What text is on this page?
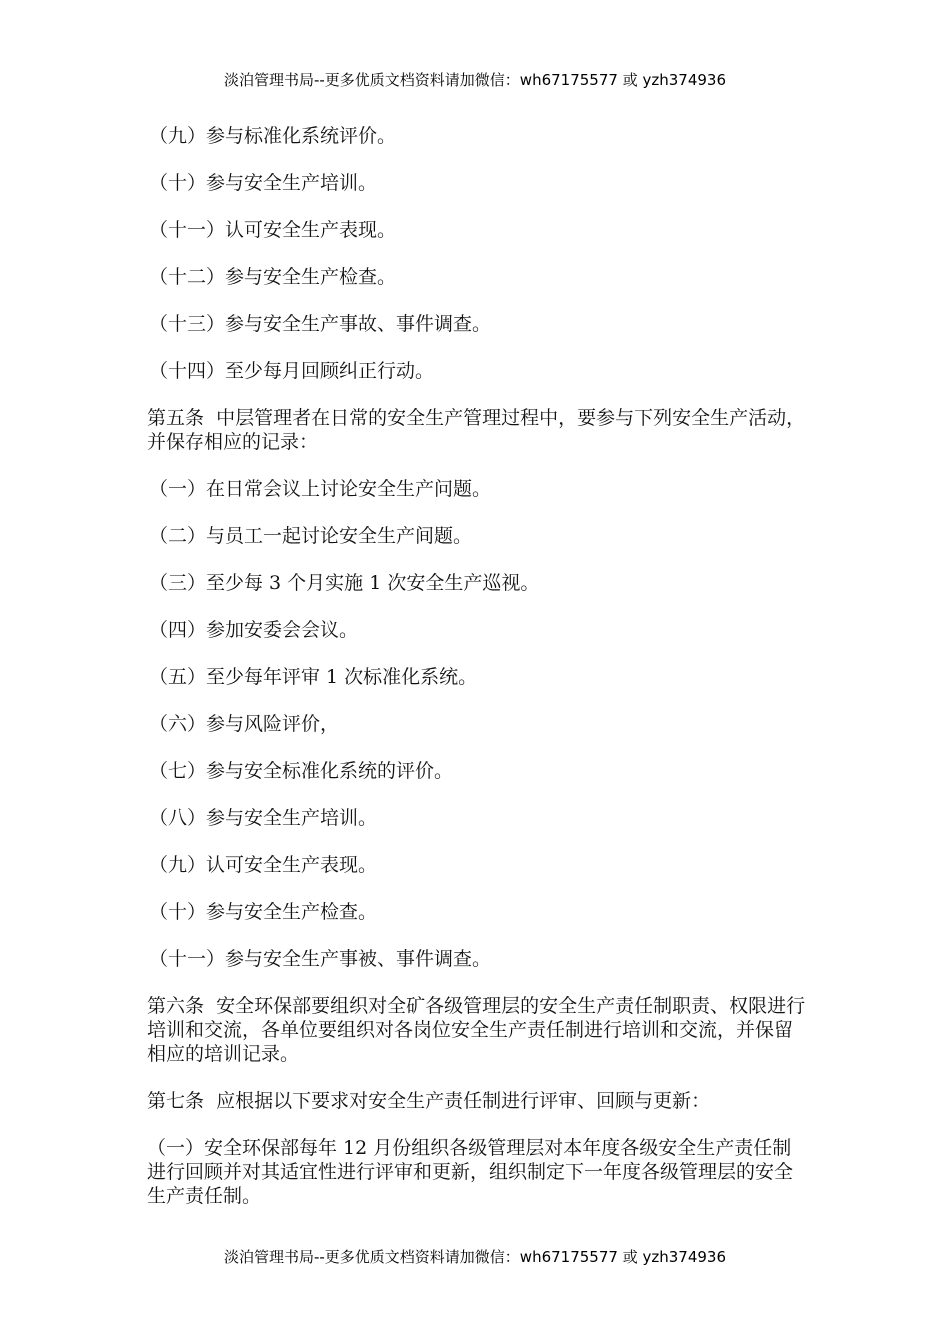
淡泊管理书局--更多优质文档资料请加微信：wh67175577 或 yzh374936

（九）参与标准化系统评价。

（十）参与安全生产培训。

（十一）认可安全生产表现。

（十二）参与安全生产检查。

（十三）参与安全生产事故、事件调查。

（十四）至少每月回顾纠正行动。

第五条  中层管理者在日常的安全生产管理过程中，要参与下列安全生产活动，并保存相应的记录：

（一）在日常会议上讨论安全生产问题。

（二）与员工一起讨论安全生产间题。

（三）至少每 3 个月实施 1 次安全生产巡视。

（四）参加安委会会议。

（五）至少每年评审 1 次标准化系统。

（六）参与风险评价，

（七）参与安全标准化系统的评价。

（八）参与安全生产培训。

（九）认可安全生产表现。

（十）参与安全生产检查。

（十一）参与安全生产事被、事件调查。

第六条  安全环保部要组织对全矿各级管理层的安全生产责任制职责、权限进行培训和交流，各单位要组织对各岗位安全生产责任制进行培训和交流，并保留相应的培训记录。

第七条  应根据以下要求对安全生产责任制进行评审、回顾与更新：

（一）安全环保部每年 12 月份组织各级管理层对本年度各级安全生产责任制进行回顾并对其适宜性进行评审和更新，组织制定下一年度各级管理层的安全生产责任制。

淡泊管理书局--更多优质文档资料请加微信：wh67175577 或 yzh374936
